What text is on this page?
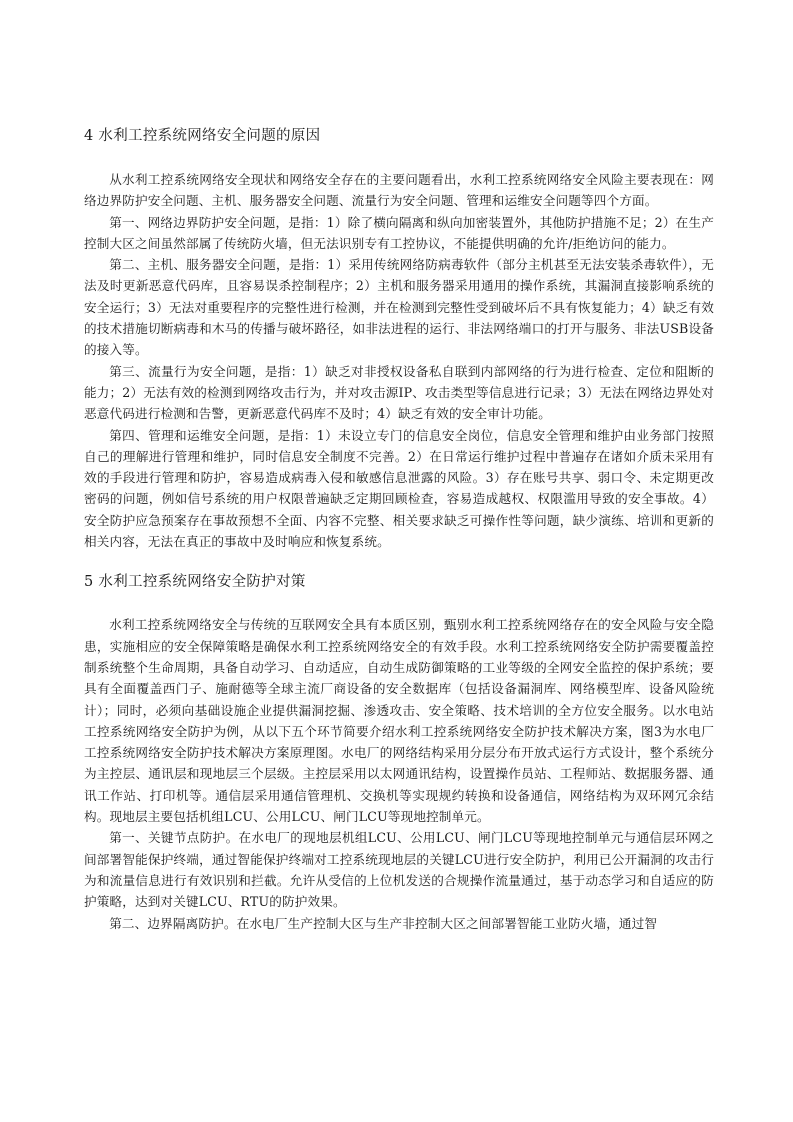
4 水利工控系统网络安全问题的原因

从水利工控系统网络安全现状和网络安全存在的主要问题看出，水利工控系统网络安全风险主要表现在：网络边界防护安全问题、主机、服务器安全问题、流量行为安全问题、管理和运维安全问题等四个方面。

第一、网络边界防护安全问题，是指：1）除了横向隔离和纵向加密装置外，其他防护措施不足；2）在生产控制大区之间虽然部属了传统防火墙，但无法识别专有工控协议，不能提供明确的允许/拒绝访问的能力。

第二、主机、服务器安全问题，是指：1）采用传统网络防病毒软件（部分主机甚至无法安装杀毒软件），无法及时更新恶意代码库，且容易误杀控制程序；2）主机和服务器采用通用的操作系统，其漏洞直接影响系统的安全运行；3）无法对重要程序的完整性进行检测，并在检测到完整性受到破坏后不具有恢复能力；4）缺乏有效的技术措施切断病毒和木马的传播与破坏路径，如非法进程的运行、非法网络端口的打开与服务、非法USB设备的接入等。

第三、流量行为安全问题，是指：1）缺乏对非授权设备私自联到内部网络的行为进行检查、定位和阻断的能力；2）无法有效的检测到网络攻击行为，并对攻击源IP、攻击类型等信息进行记录；3）无法在网络边界处对恶意代码进行检测和告警，更新恶意代码库不及时；4）缺乏有效的安全审计功能。

第四、管理和运维安全问题，是指：1）未设立专门的信息安全岗位，信息安全管理和维护由业务部门按照自己的理解进行管理和维护，同时信息安全制度不完善。2）在日常运行维护过程中普遍存在诸如介质未采用有效的手段进行管理和防护，容易造成病毒入侵和敏感信息泄露的风险。3）存在账号共享、弱口令、未定期更改密码的问题，例如信号系统的用户权限普遍缺乏定期回顾检查，容易造成越权、权限滥用导致的安全事故。4）安全防护应急预案存在事故预想不全面、内容不完整、相关要求缺乏可操作性等问题，缺少演练、培训和更新的相关内容，无法在真正的事故中及时响应和恢复系统。

5 水利工控系统网络安全防护对策

水利工控系统网络安全与传统的互联网安全具有本质区别，甄别水利工控系统网络存在的安全风险与安全隐患，实施相应的安全保障策略是确保水利工控系统网络安全的有效手段。水利工控系统网络安全防护需要覆盖控制系统整个生命周期，具备自动学习、自动适应，自动生成防御策略的工业等级的全网安全监控的保护系统；要具有全面覆盖西门子、施耐德等全球主流厂商设备的安全数据库（包括设备漏洞库、网络模型库、设备风险统计）；同时，必须向基础设施企业提供漏洞挖掘、渗透攻击、安全策略、技术培训的全方位安全服务。以水电站工控系统网络安全防护为例，从以下五个环节简要介绍水利工控系统网络安全防护技术解决方案，图3为水电厂工控系统网络安全防护技术解决方案原理图。水电厂的网络结构采用分层分布开放式运行方式设计，整个系统分为主控层、通讯层和现地层三个层级。主控层采用以太网通讯结构，设置操作员站、工程师站、数据服务器、通讯工作站、打印机等。通信层采用通信管理机、交换机等实现规约转换和设备通信，网络结构为双环网冗余结构。现地层主要包括机组LCU、公用LCU、闸门LCU等现地控制单元。

第一、关键节点防护。在水电厂的现地层机组LCU、公用LCU、闸门LCU等现地控制单元与通信层环网之间部署智能保护终端，通过智能保护终端对工控系统现地层的关键LCU进行安全防护，利用已公开漏洞的攻击行为和流量信息进行有效识别和拦截。允许从受信的上位机发送的合规操作流量通过，基于动态学习和自适应的防护策略，达到对关键LCU、RTU的防护效果。

第二、边界隔离防护。在水电厂生产控制大区与生产非控制大区之间部署智能工业防火墙，通过智
